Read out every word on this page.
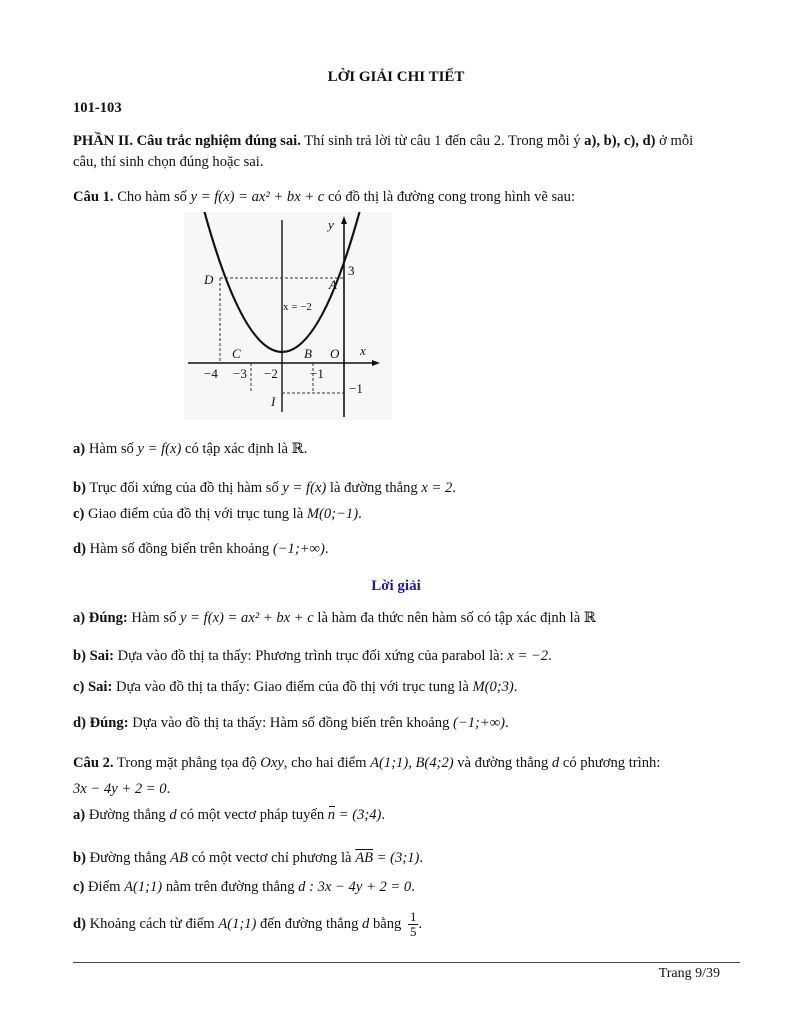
LỜI GIẢI CHI TIẾT
101-103
PHẦN II. Câu trắc nghiệm đúng sai. Thí sinh trả lời từ câu 1 đến câu 2. Trong mỗi ý a), b), c), d) ở mỗi
câu, thí sinh chọn đúng hoặc sai.
Câu 1. Cho hàm số y = f(x) = ax² + bx + c có đồ thị là đường cong trong hình vẽ sau:
y
x
O
3
−1
−4 −3 −2 −1
x = −2
D	A
C	B
I
a) Hàm số y = f(x) có tập xác định là ℝ.
b) Trục đối xứng của đồ thị hàm số y = f(x) là đường thẳng x = 2.
c) Giao điểm của đồ thị với trục tung là M(0;−1).
d) Hàm số đồng biến trên khoảng (−1;+∞).
Lời giải
a) Đúng: Hàm số y = f(x) = ax² + bx + c là hàm đa thức nên hàm số có tập xác định là ℝ
b) Sai: Dựa vào đồ thị ta thấy: Phương trình trục đối xứng của parabol là: x = −2.
c) Sai: Dựa vào đồ thị ta thấy: Giao điểm của đồ thị với trục tung là M(0;3).
d) Đúng: Dựa vào đồ thị ta thấy: Hàm số đồng biến trên khoảng (−1;+∞).
Câu 2. Trong mặt phẳng tọa độ Oxy, cho hai điểm A(1;1), B(4;2) và đường thẳng d có phương trình:
3x − 4y + 2 = 0.
a) Đường thẳng d có một vectơ pháp tuyến n = (3;4).
b) Đường thẳng AB có một vectơ chỉ phương là $\overline{AB}$ = (3;1).
c) Điểm A(1;1) nằm trên đường thẳng d : 3x − 4y + 2 = 0.
d) Khoảng cách từ điểm A(1;1) đến đường thẳng d bằng $\frac{1}{5}$ .
Trang 9/39
